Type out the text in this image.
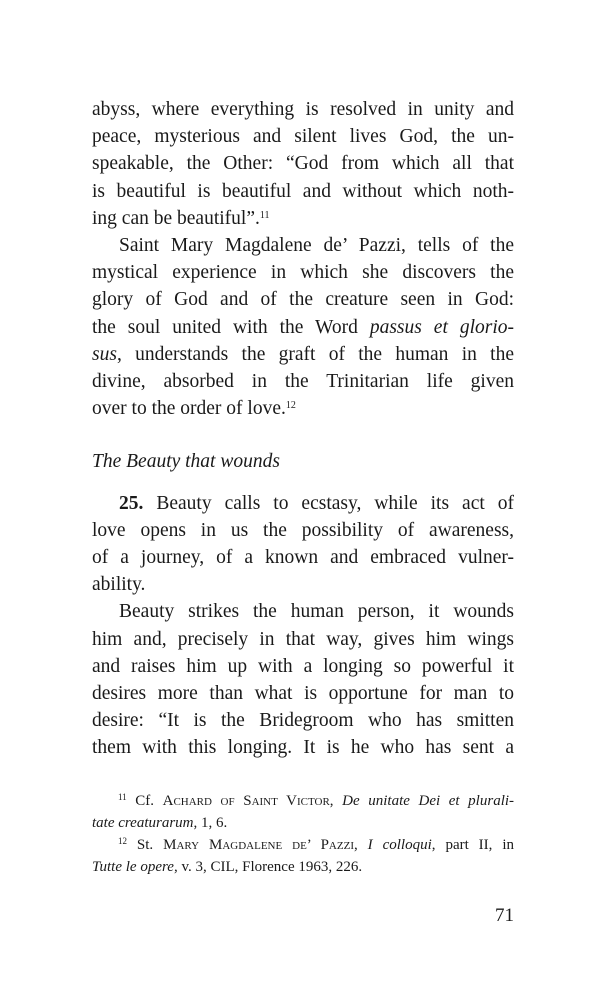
abyss, where everything is resolved in unity and
peace, mysterious and silent lives God, the un-
speakable, the Other: “God from which all that
is beautiful is beautiful and without which noth-
ing can be beautiful”.$^{11}$
Saint Mary Magdalene de’ Pazzi, tells of the
mystical experience in which she discovers the
glory of God and of the creature seen in God:
the soul united with the Word passus et glorio-
sus, understands the graft of the human in the
divine, absorbed in the Trinitarian life given
over to the order of love.$^{12}$
The Beauty that wounds
25. Beauty calls to ecstasy, while its act of
love opens in us the possibility of awareness,
of a journey, of a known and embraced vulner-
ability.
Beauty strikes the human person, it wounds
him and, precisely in that way, gives him wings
and raises him up with a longing so powerful it
desires more than what is opportune for man to
desire: “It is the Bridegroom who has smitten
them with this longing. It is he who has sent a
$^{11}$ Cf. Achard of Saint Victor, De unitate Dei et plurali-
tate creaturarum, 1, 6.
$^{12}$ St. Mary Magdalene de’ Pazzi, I colloqui, part II, in
Tutte le opere, v. 3, CIL, Florence 1963, 226.
71
